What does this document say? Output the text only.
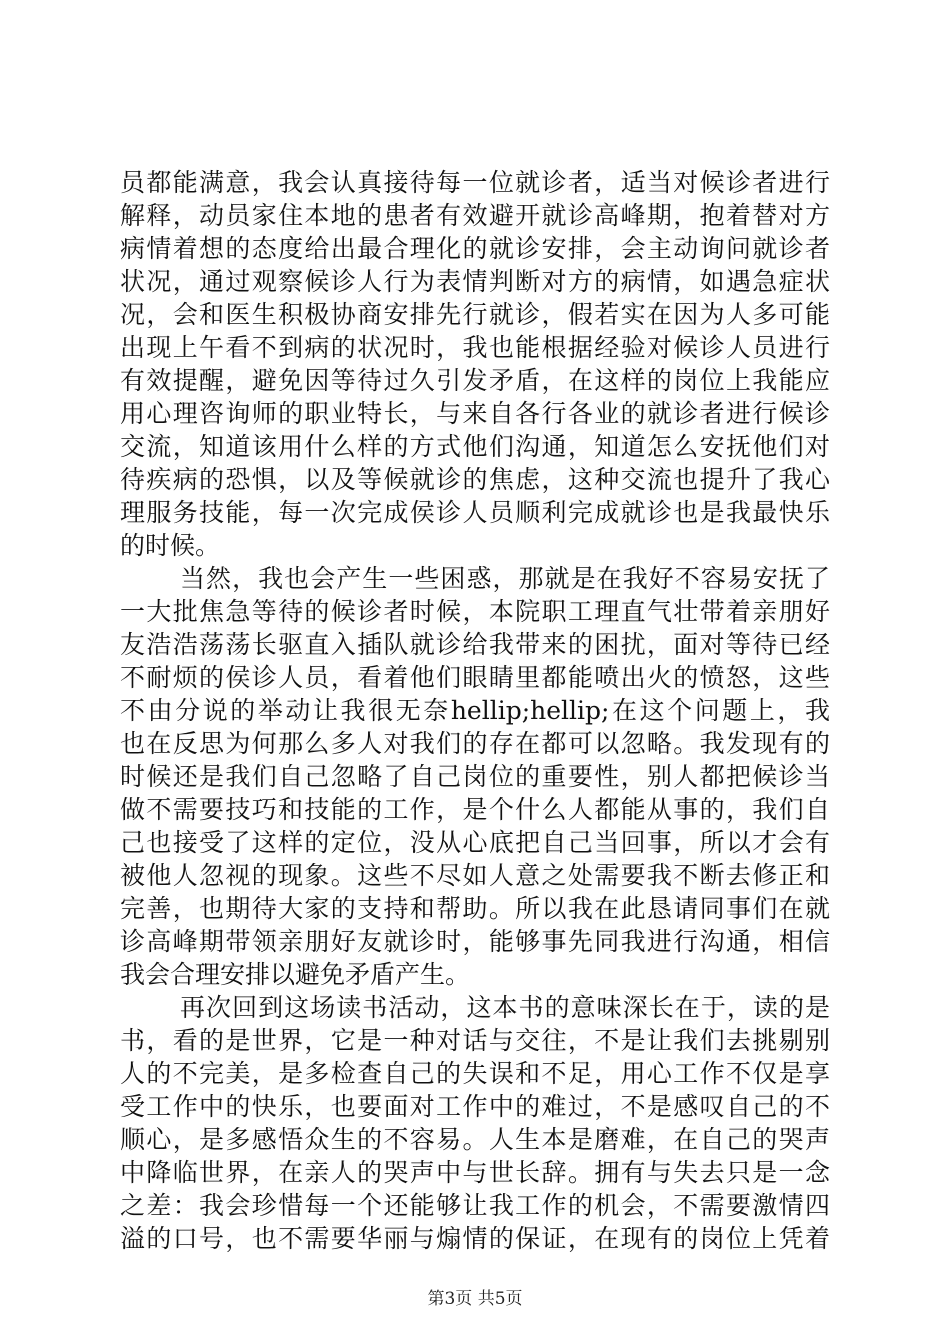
员都能满意，我会认真接待每一位就诊者，适当对候诊者进行
解释，动员家住本地的患者有效避开就诊高峰期，抱着替对方
病情着想的态度给出最合理化的就诊安排，会主动询问就诊者
状况，通过观察候诊人行为表情判断对方的病情，如遇急症状
况，会和医生积极协商安排先行就诊，假若实在因为人多可能
出现上午看不到病的状况时，我也能根据经验对候诊人员进行
有效提醒，避免因等待过久引发矛盾，在这样的岗位上我能应
用心理咨询师的职业特长，与来自各行各业的就诊者进行候诊
交流，知道该用什么样的方式他们沟通，知道怎么安抚他们对
待疾病的恐惧，以及等候就诊的焦虑，这种交流也提升了我心
理服务技能，每一次完成侯诊人员顺利完成就诊也是我最快乐
的时候。
当然，我也会产生一些困惑，那就是在我好不容易安抚了
一大批焦急等待的候诊者时候，本院职工理直气壮带着亲朋好
友浩浩荡荡长驱直入插队就诊给我带来的困扰，面对等待已经
不耐烦的侯诊人员，看着他们眼睛里都能喷出火的愤怒，这些
不由分说的举动让我很无奈hellip;hellip;在这个问题上，我
也在反思为何那么多人对我们的存在都可以忽略。我发现有的
时候还是我们自己忽略了自己岗位的重要性，别人都把候诊当
做不需要技巧和技能的工作，是个什么人都能从事的，我们自
己也接受了这样的定位，没从心底把自己当回事，所以才会有
被他人忽视的现象。这些不尽如人意之处需要我不断去修正和
完善，也期待大家的支持和帮助。所以我在此恳请同事们在就
诊高峰期带领亲朋好友就诊时，能够事先同我进行沟通，相信
我会合理安排以避免矛盾产生。
再次回到这场读书活动，这本书的意味深长在于，读的是
书，看的是世界，它是一种对话与交往，不是让我们去挑剔别
人的不完美，是多检查自己的失误和不足，用心工作不仅是享
受工作中的快乐，也要面对工作中的难过，不是感叹自己的不
顺心，是多感悟众生的不容易。人生本是磨难，在自己的哭声
中降临世界，在亲人的哭声中与世长辞。拥有与失去只是一念
之差：我会珍惜每一个还能够让我工作的机会，不需要激情四
溢的口号，也不需要华丽与煽情的保证，在现有的岗位上凭着
第3页 共5页
